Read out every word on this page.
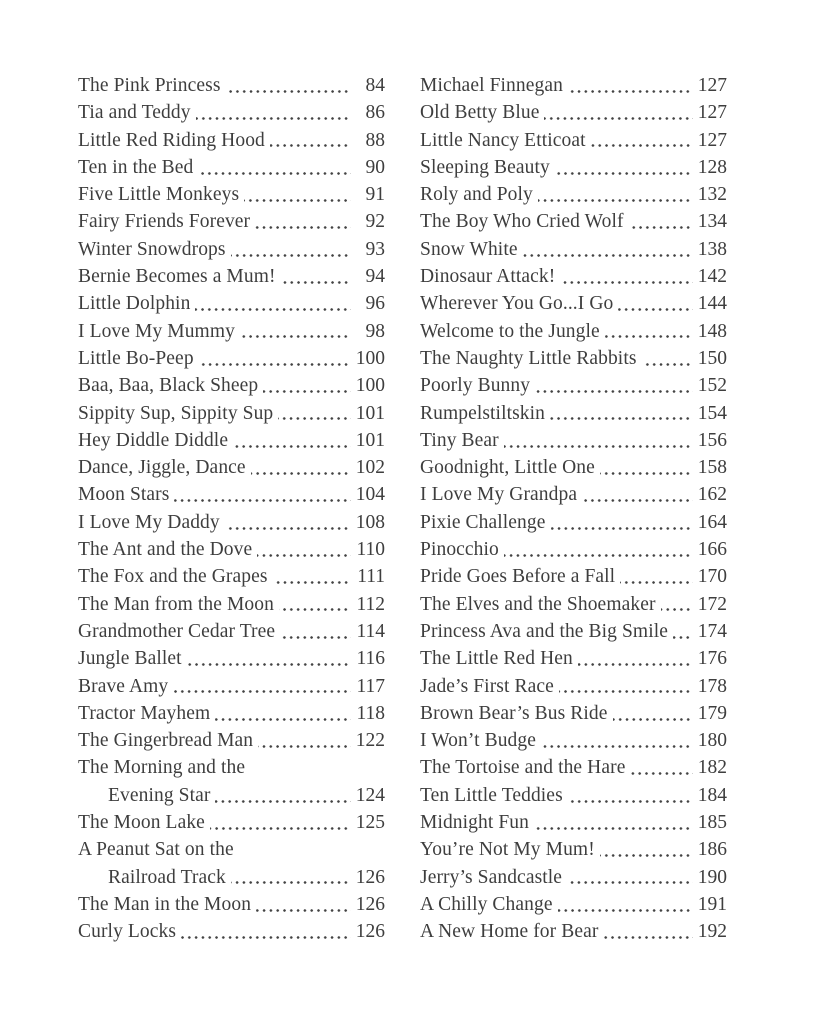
The Pink Princess	84
Tia and Teddy	86
Little Red Riding Hood	88
Ten in the Bed	90
Five Little Monkeys	91
Fairy Friends Forever	92
Winter Snowdrops	93
Bernie Becomes a Mum!	94
Little Dolphin	96
I Love My Mummy	98
Little Bo-Peep	100
Baa, Baa, Black Sheep	100
Sippity Sup, Sippity Sup	101
Hey Diddle Diddle	101
Dance, Jiggle, Dance	102
Moon Stars	104
I Love My Daddy	108
The Ant and the Dove	110
The Fox and the Grapes	111
The Man from the Moon	112
Grandmother Cedar Tree	114
Jungle Ballet	116
Brave Amy	117
Tractor Mayhem	118
The Gingerbread Man	122
The Morning and the
Evening Star	124
The Moon Lake	125
A Peanut Sat on the
Railroad Track	126
The Man in the Moon	126
Curly Locks	126
Michael Finnegan	127
Old Betty Blue	127
Little Nancy Etticoat	127
Sleeping Beauty	128
Roly and Poly	132
The Boy Who Cried Wolf	134
Snow White	138
Dinosaur Attack!	142
Wherever You Go...I Go	144
Welcome to the Jungle	148
The Naughty Little Rabbits	150
Poorly Bunny	152
Rumpelstiltskin	154
Tiny Bear	156
Goodnight, Little One	158
I Love My Grandpa	162
Pixie Challenge	164
Pinocchio	166
Pride Goes Before a Fall	170
The Elves and the Shoemaker 172
Princess Ava and the Big Smile 174
The Little Red Hen	176
Jade’s First Race	178
Brown Bear’s Bus Ride	179
I Won’t Budge	180
The Tortoise and the Hare	182
Ten Little Teddies	184
Midnight Fun	185
You’re Not My Mum!	186
Jerry’s Sandcastle	190
A Chilly Change	191
A New Home for Bear	192
